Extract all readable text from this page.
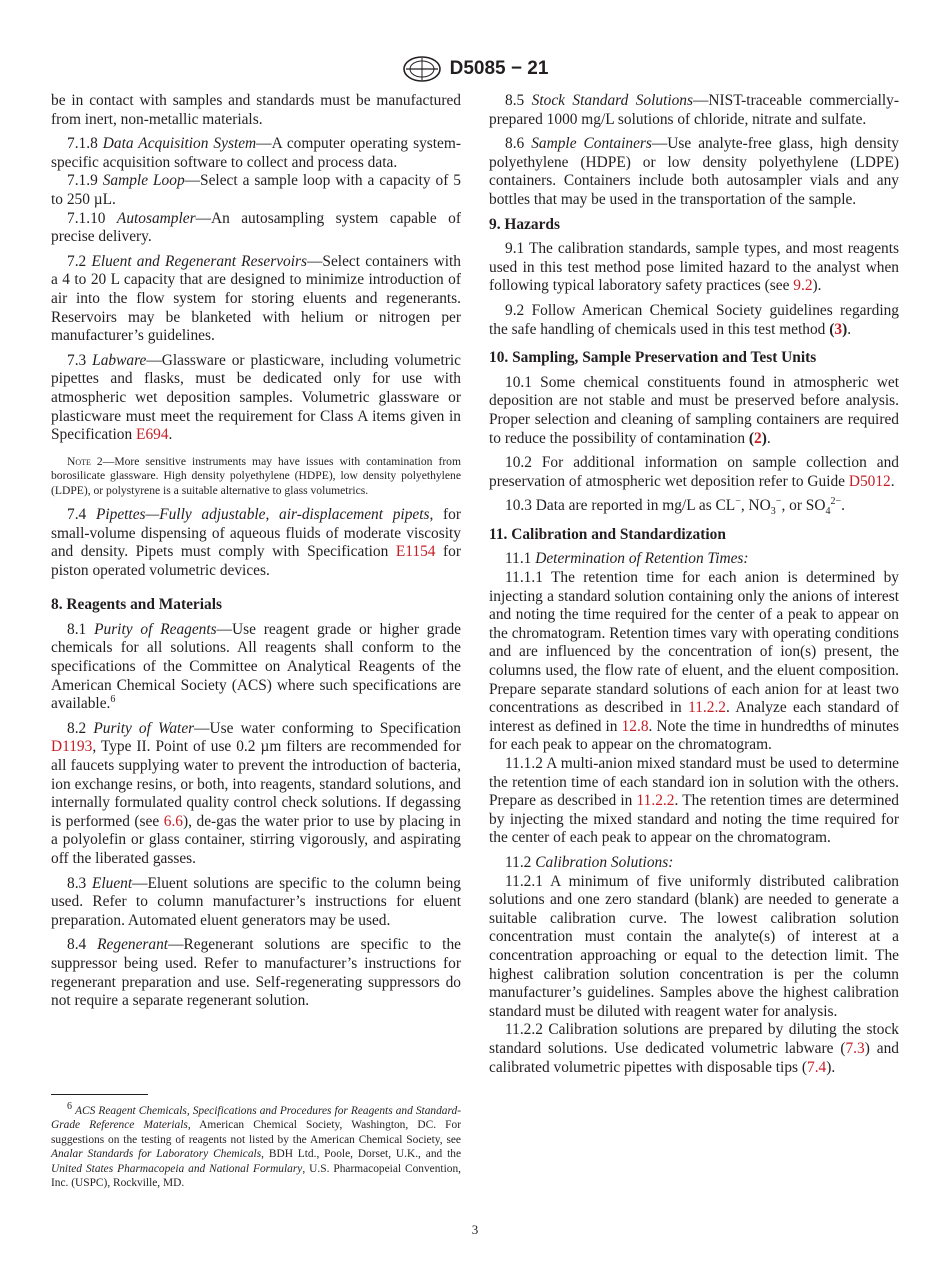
D5085 − 21

be in contact with samples and standards must be manufactured from inert, non-metallic materials.

7.1.8 Data Acquisition System—A computer operating system-specific acquisition software to collect and process data.

7.1.9 Sample Loop—Select a sample loop with a capacity of 5 to 250 µL.

7.1.10 Autosampler—An autosampling system capable of precise delivery.

7.2 Eluent and Regenerant Reservoirs—Select containers with a 4 to 20 L capacity that are designed to minimize introduction of air into the flow system for storing eluents and regenerants. Reservoirs may be blanketed with helium or nitrogen per manufacturer’s guidelines.

7.3 Labware—Glassware or plasticware, including volumetric pipettes and flasks, must be dedicated only for use with atmospheric wet deposition samples. Volumetric glassware or plasticware must meet the requirement for Class A items given in Specification E694.

Note 2—More sensitive instruments may have issues with contamination from borosilicate glassware. High density polyethylene (HDPE), low density polyethylene (LDPE), or polystyrene is a suitable alternative to glass volumetrics.

7.4 Pipettes—Fully adjustable, air-displacement pipets, for small-volume dispensing of aqueous fluids of moderate viscosity and density. Pipets must comply with Specification E1154 for piston operated volumetric devices.

8. Reagents and Materials

8.1 Purity of Reagents—Use reagent grade or higher grade chemicals for all solutions. All reagents shall conform to the specifications of the Committee on Analytical Reagents of the American Chemical Society (ACS) where such specifications are available.$^6$

8.2 Purity of Water—Use water conforming to Specification D1193, Type II. Point of use 0.2 µm filters are recommended for all faucets supplying water to prevent the introduction of bacteria, ion exchange resins, or both, into reagents, standard solutions, and internally formulated quality control check solutions. If degassing is performed (see 6.6), de-gas the water prior to use by placing in a polyolefin or glass container, stirring vigorously, and aspirating off the liberated gasses.

8.3 Eluent—Eluent solutions are specific to the column being used. Refer to column manufacturer’s instructions for eluent preparation. Automated eluent generators may be used.

8.4 Regenerant—Regenerant solutions are specific to the suppressor being used. Refer to manufacturer’s instructions for regenerant preparation and use. Self-regenerating suppressors do not require a separate regenerant solution.

$^6$ ACS Reagent Chemicals, Specifications and Procedures for Reagents and Standard-Grade Reference Materials, American Chemical Society, Washington, DC. For suggestions on the testing of reagents not listed by the American Chemical Society, see Analar Standards for Laboratory Chemicals, BDH Ltd., Poole, Dorset, U.K., and the United States Pharmacopeia and National Formulary, U.S. Pharmacopeial Convention, Inc. (USPC), Rockville, MD.

8.5 Stock Standard Solutions—NIST-traceable commercially-prepared 1000 mg/L solutions of chloride, nitrate and sulfate.

8.6 Sample Containers—Use analyte-free glass, high density polyethylene (HDPE) or low density polyethylene (LDPE) containers. Containers include both autosampler vials and any bottles that may be used in the transportation of the sample.

9. Hazards

9.1 The calibration standards, sample types, and most reagents used in this test method pose limited hazard to the analyst when following typical laboratory safety practices (see 9.2).

9.2 Follow American Chemical Society guidelines regarding the safe handling of chemicals used in this test method (3).

10. Sampling, Sample Preservation and Test Units

10.1 Some chemical constituents found in atmospheric wet deposition are not stable and must be preserved before analysis. Proper selection and cleaning of sampling containers are required to reduce the possibility of contamination (2).

10.2 For additional information on sample collection and preservation of atmospheric wet deposition refer to Guide D5012.

10.3 Data are reported in mg/L as CL−, $NO_3^-$, or $SO_4^{2-}$.

11. Calibration and Standardization

11.1 Determination of Retention Times:

11.1.1 The retention time for each anion is determined by injecting a standard solution containing only the anions of interest and noting the time required for the center of a peak to appear on the chromatogram. Retention times vary with operating conditions and are influenced by the concentration of ion(s) present, the columns used, the flow rate of eluent, and the eluent composition. Prepare separate standard solutions of each anion for at least two concentrations as described in 11.2.2. Analyze each standard of interest as defined in 12.8. Note the time in hundredths of minutes for each peak to appear on the chromatogram.

11.1.2 A multi-anion mixed standard must be used to determine the retention time of each standard ion in solution with the others. Prepare as described in 11.2.2. The retention times are determined by injecting the mixed standard and noting the time required for the center of each peak to appear on the chromatogram.

11.2 Calibration Solutions:

11.2.1 A minimum of five uniformly distributed calibration solutions and one zero standard (blank) are needed to generate a suitable calibration curve. The lowest calibration solution concentration must contain the analyte(s) of interest at a concentration approaching or equal to the detection limit. The highest calibration solution concentration is per the column manufacturer’s guidelines. Samples above the highest calibration standard must be diluted with reagent water for analysis.

11.2.2 Calibration solutions are prepared by diluting the stock standard solutions. Use dedicated volumetric labware (7.3) and calibrated volumetric pipettes with disposable tips (7.4).

3
